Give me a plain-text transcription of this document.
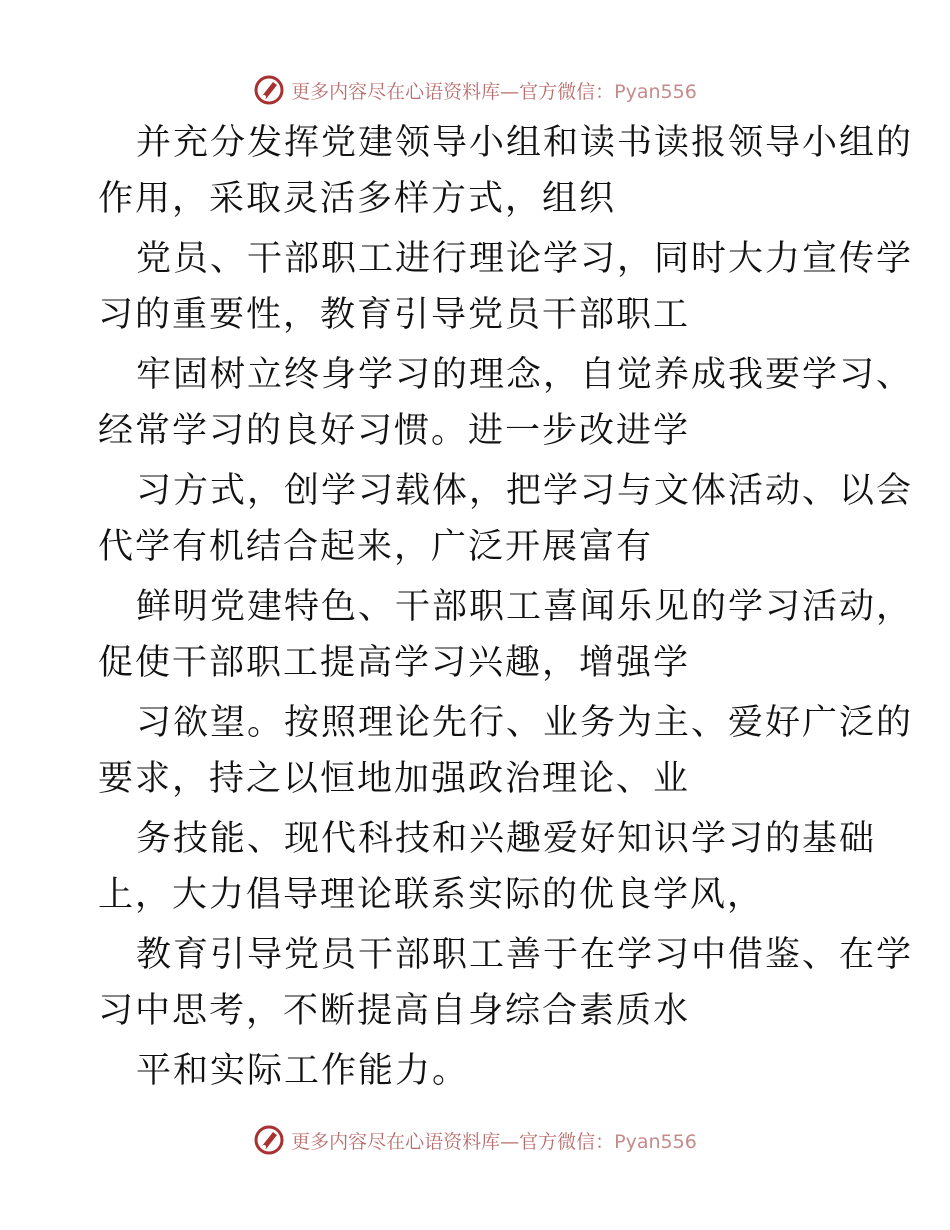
更多内容尽在心语资料库—官方微信：Pyan556

并充分发挥党建领导小组和读书读报领导小组的
作用，采取灵活多样方式，组织

党员、干部职工进行理论学习，同时大力宣传学
习的重要性，教育引导党员干部职工

牢固树立终身学习的理念，自觉养成我要学习、
经常学习的良好习惯。进一步改进学

习方式，创学习载体，把学习与文体活动、以会
代学有机结合起来，广泛开展富有

鲜明党建特色、干部职工喜闻乐见的学习活动，
促使干部职工提高学习兴趣，增强学

习欲望。按照理论先行、业务为主、爱好广泛的
要求，持之以恒地加强政治理论、业

务技能、现代科技和兴趣爱好知识学习的基础
上，大力倡导理论联系实际的优良学风，

教育引导党员干部职工善于在学习中借鉴、在学
习中思考，不断提高自身综合素质水

平和实际工作能力。

更多内容尽在心语资料库—官方微信：Pyan556
